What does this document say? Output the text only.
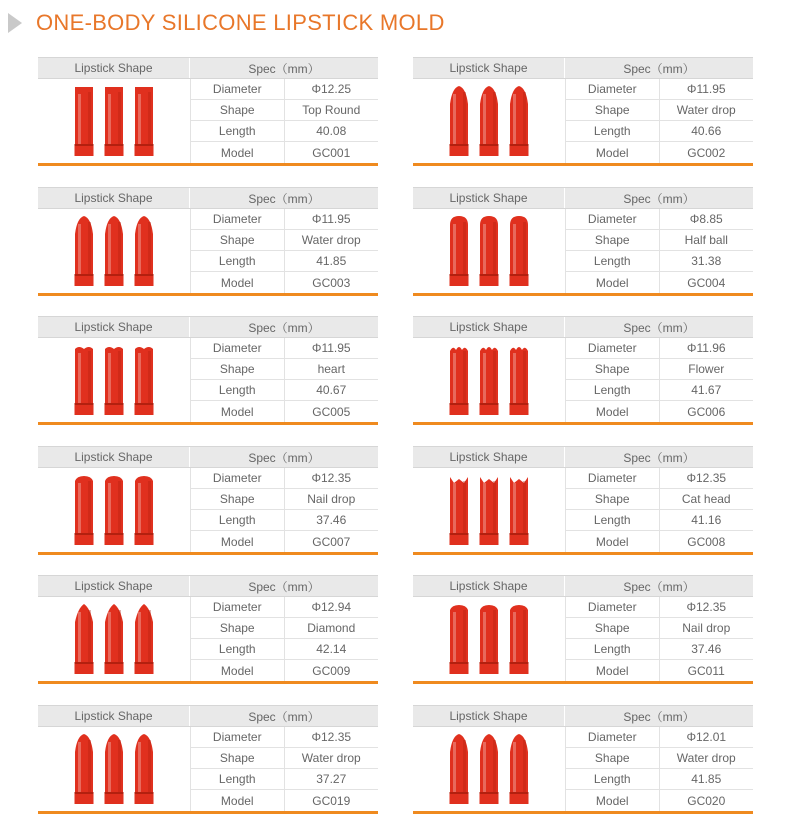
ONE-BODY SILICONE LIPSTICK MOLD
Lipstick Shape	Spec（mm）
Diameter	Φ12.25
Shape	Top Round
Length	40.08
Model	GC001
Lipstick Shape	Spec（mm）
Diameter	Φ11.95
Shape	Water drop
Length	40.66
Model	GC002
Lipstick Shape	Spec（mm）
Diameter	Φ11.95
Shape	Water drop
Length	41.85
Model	GC003
Lipstick Shape	Spec（mm）
Diameter	Φ8.85
Shape	Half ball
Length	31.38
Model	GC004
Lipstick Shape	Spec（mm）
Diameter	Φ11.95
Shape	heart
Length	40.67
Model	GC005
Lipstick Shape	Spec（mm）
Diameter	Φ11.96
Shape	Flower
Length	41.67
Model	GC006
Lipstick Shape	Spec（mm）
Diameter	Φ12.35
Shape	Nail drop
Length	37.46
Model	GC007
Lipstick Shape	Spec（mm）
Diameter	Φ12.35
Shape	Cat head
Length	41.16
Model	GC008
Lipstick Shape	Spec（mm）
Diameter	Φ12.94
Shape	Diamond
Length	42.14
Model	GC009
Lipstick Shape	Spec（mm）
Diameter	Φ12.35
Shape	Nail drop
Length	37.46
Model	GC011
Lipstick Shape	Spec（mm）
Diameter	Φ12.35
Shape	Water drop
Length	37.27
Model	GC019
Lipstick Shape	Spec（mm）
Diameter	Φ12.01
Shape	Water drop
Length	41.85
Model	GC020
